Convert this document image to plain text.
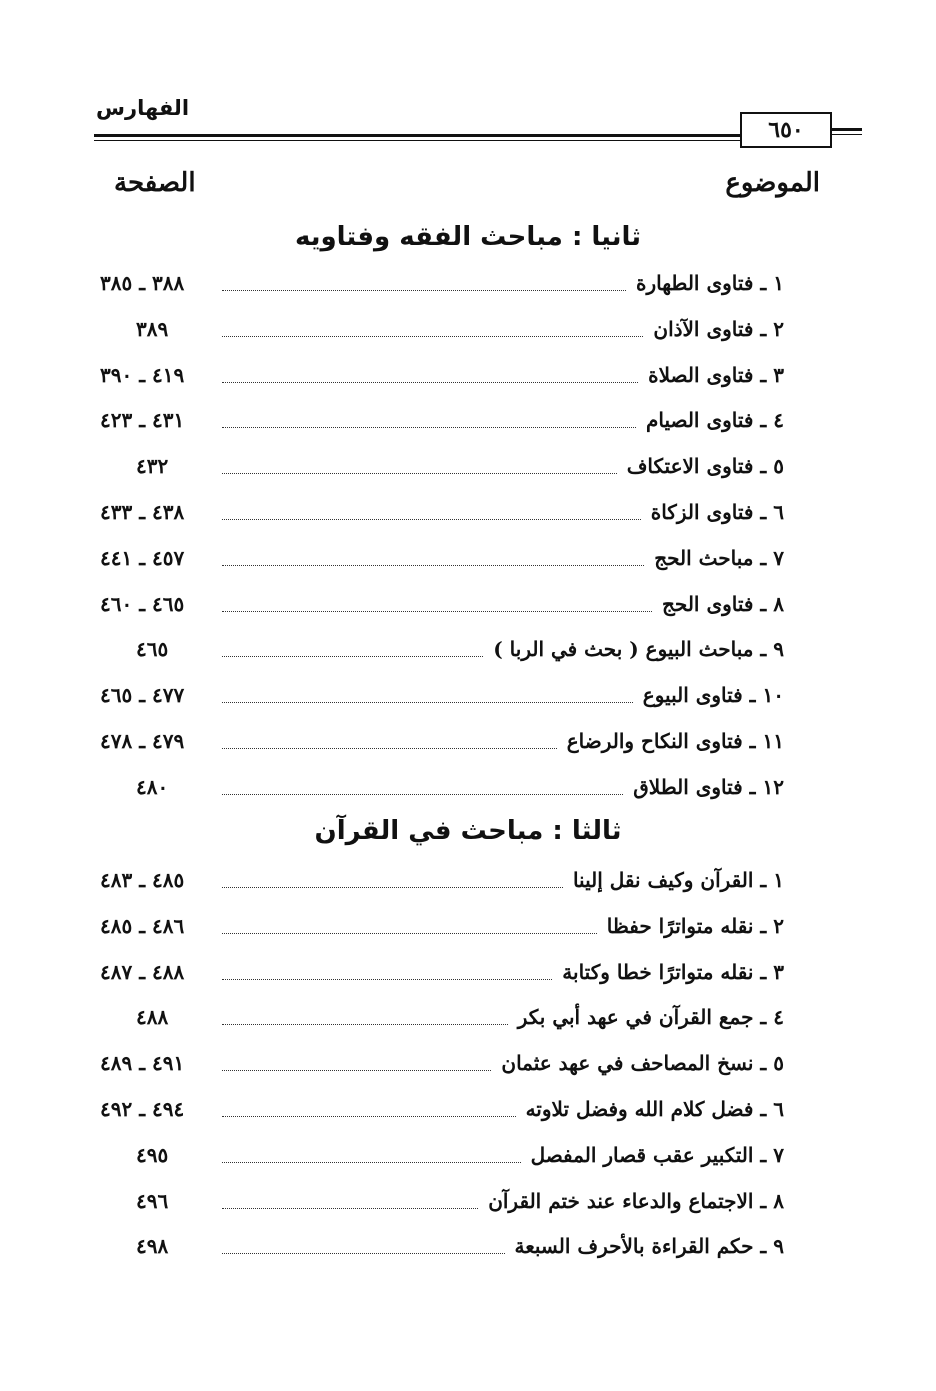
الفهارس
٦٥٠
الموضوع
الصفحة
ثانيا : مباحث الفقه وفتاويه
ثالثا : مباحث في القرآن
٣٨٨ ـ ٣٨٥	١ ـ فتاوى الطهارة
٣٨٩	٢ ـ فتاوى الآذان
٤١٩ ـ ٣٩٠	٣ ـ فتاوى الصلاة
٤٣١ ـ ٤٢٣	٤ ـ فتاوى الصيام
٤٣٢	٥ ـ فتاوى الاعتكاف
٤٣٨ ـ ٤٣٣	٦ ـ فتاوى الزكاة
٤٥٧ ـ ٤٤١	٧ ـ مباحث الحج
٤٦٥ ـ ٤٦٠	٨ ـ فتاوى الحج
٤٦٥	٩ ـ مباحث البيوع ( بحث في الربا )
٤٧٧ ـ ٤٦٥	١٠ ـ فتاوى البيوع
٤٧٩ ـ ٤٧٨	١١ ـ فتاوى النكاح والرضاع
٤٨٠	١٢ ـ فتاوى الطلاق
٤٨٥ ـ ٤٨٣	١ ـ القرآن وكيف نقل إلينا
٤٨٦ ـ ٤٨٥	٢ ـ نقله متواترًا حفظا
٤٨٨ ـ ٤٨٧	٣ ـ نقله متواترًا خطا وكتابة
٤٨٨	٤ ـ جمع القرآن في عهد أبي بكر
٤٩١ ـ ٤٨٩	٥ ـ نسخ المصاحف في عهد عثمان
٤٩٤ ـ ٤٩٢	٦ ـ فضل كلام الله وفضل تلاوته
٤٩٥	٧ ـ التكبير عقب قصار المفصل
٤٩٦	٨ ـ الاجتماع والدعاء عند ختم القرآن
٤٩٨	٩ ـ حكم القراءة بالأحرف السبعة
